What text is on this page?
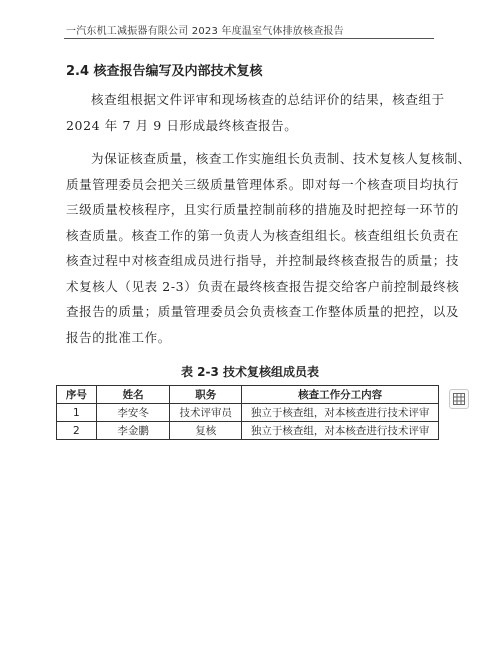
一汽东机工减振器有限公司 2023 年度温室气体排放核查报告
2.4 核查报告编写及内部技术复核
核查组根据文件评审和现场核查的总结评价的结果，核查组于
2024 年 7 月 9 日形成最终核查报告。
为保证核查质量，核查工作实施组长负责制、技术复核人复核制、
质量管理委员会把关三级质量管理体系。即对每一个核查项目均执行
三级质量校核程序，且实行质量控制前移的措施及时把控每一环节的
核查质量。核查工作的第一负责人为核查组组长。核查组组长负责在
核查过程中对核查组成员进行指导，并控制最终核查报告的质量；技
术复核人（见表 2-3）负责在最终核查报告提交给客户前控制最终核
查报告的质量；质量管理委员会负责核查工作整体质量的把控，以及
报告的批准工作。
表 2-3 技术复核组成员表
序号	姓名	职务	核查工作分工内容
1	李安冬	技术评审员	独立于核查组，对本核查进行技术评审
2	李金鹏	复核	独立于核查组，对本核查进行技术评审
